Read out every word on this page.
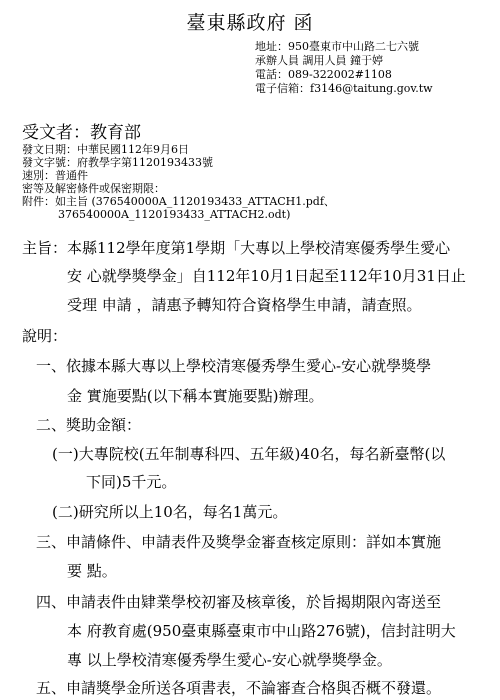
臺東縣政府 函
地址：950臺東市中山路二七六號
承辦人員 調用人員 鐘于婷
電話：089-322002#1108
電子信箱：f3146@taitung.gov.tw
受文者：教育部
發文日期：中華民國112年9月6日
發文字號：府教學字第1120193433號
速別：普通件
密等及解密條件或保密期限：
附件：如主旨 (376540000A_1120193433_ATTACH1.pdf、
376540000A_1120193433_ATTACH2.odt)
主旨：本縣112學年度第1學期「大專以上學校清寒優秀學生愛心
安 心就學獎學金」自112年10月1日起至112年10月31日止
受理 申請 ，請惠予轉知符合資格學生申請，請查照。
說明：
一、依據本縣大專以上學校清寒優秀學生愛心-安心就學獎學
金 實施要點(以下稱本實施要點)辦理。
二、獎助金額：
(一)大專院校(五年制專科四、五年級)40名，每名新臺幣(以
下同)5千元。
(二)研究所以上10名，每名1萬元。
三、申請條件、申請表件及獎學金審查核定原則：詳如本實施
要 點。
四、申請表件由肄業學校初審及核章後，於旨揭期限內寄送至
本 府教育處(950臺東縣臺東市中山路276號)，信封註明大
專 以上學校清寒優秀學生愛心-安心就學獎學金。
五、申請獎學金所送各項書表，不論審查合格與否概不發還。
